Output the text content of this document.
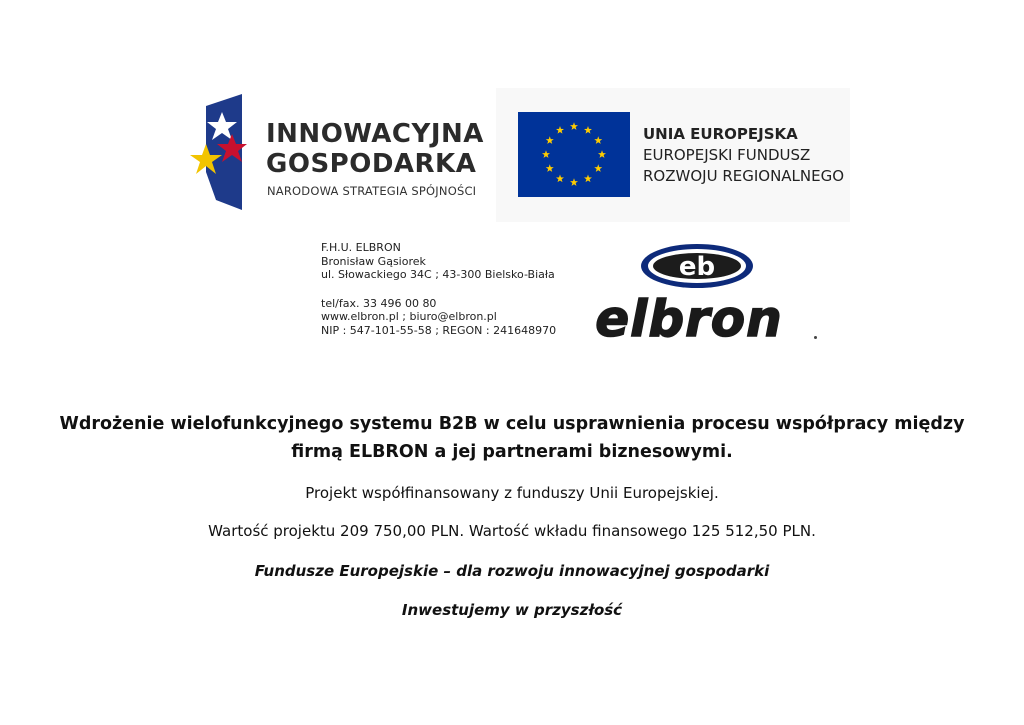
INNOWACYJNA
GOSPODARKA
NARODOWA STRATEGIA SPÓJNOŚCI
UNIA EUROPEJSKA
EUROPEJSKI FUNDUSZ
ROZWOJU REGIONALNEGO
F.H.U. ELBRON
Bronisław Gąsiorek
ul. Słowackiego 34C ; 43-300 Bielsko-Biała
tel/fax. 33 496 00 80
www.elbron.pl ; biuro@elbron.pl
NIP : 547-101-55-58 ; REGON : 241648970
eb
elbron
Wdrożenie wielofunkcyjnego systemu B2B w celu usprawnienia procesu współpracy między
firmą ELBRON a jej partnerami biznesowymi.
Projekt współfinansowany z funduszy Unii Europejskiej.
Wartość projektu 209 750,00 PLN. Wartość wkładu finansowego 125 512,50 PLN.
Fundusze Europejskie – dla rozwoju innowacyjnej gospodarki
Inwestujemy w przyszłość
